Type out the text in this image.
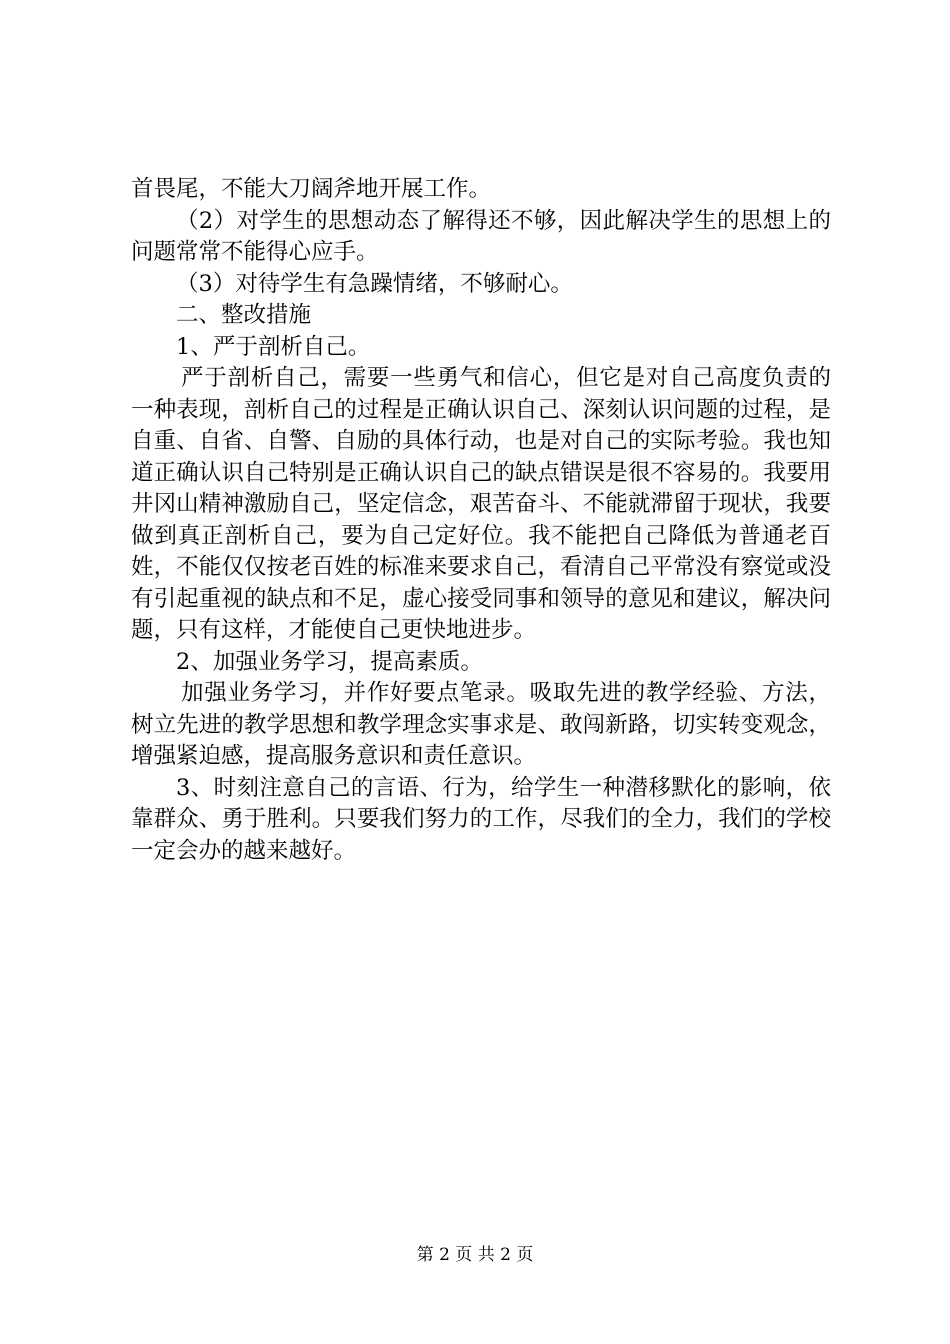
首畏尾，不能大刀阔斧地开展工作。

（2）对学生的思想动态了解得还不够，因此解决学生的思想上的问题常常不能得心应手。

（3）对待学生有急躁情绪，不够耐心。

二、整改措施

1、严于剖析自己。

严于剖析自己，需要一些勇气和信心，但它是对自己高度负责的一种表现，剖析自己的过程是正确认识自己、深刻认识问题的过程，是自重、自省、自警、自励的具体行动，也是对自己的实际考验。我也知道正确认识自己特别是正确认识自己的缺点错误是很不容易的。我要用井冈山精神激励自己，坚定信念，艰苦奋斗、不能就滞留于现状，我要做到真正剖析自己，要为自己定好位。我不能把自己降低为普通老百姓，不能仅仅按老百姓的标准来要求自己，看清自己平常没有察觉或没有引起重视的缺点和不足，虚心接受同事和领导的意见和建议，解决问题，只有这样，才能使自己更快地进步。

2、加强业务学习，提高素质。

加强业务学习，并作好要点笔录。吸取先进的教学经验、方法，树立先进的教学思想和教学理念实事求是、敢闯新路，切实转变观念，增强紧迫感，提高服务意识和责任意识。

3、时刻注意自己的言语、行为，给学生一种潜移默化的影响，依靠群众、勇于胜利。只要我们努力的工作，尽我们的全力，我们的学校一定会办的越来越好。

第 2 页 共 2 页
